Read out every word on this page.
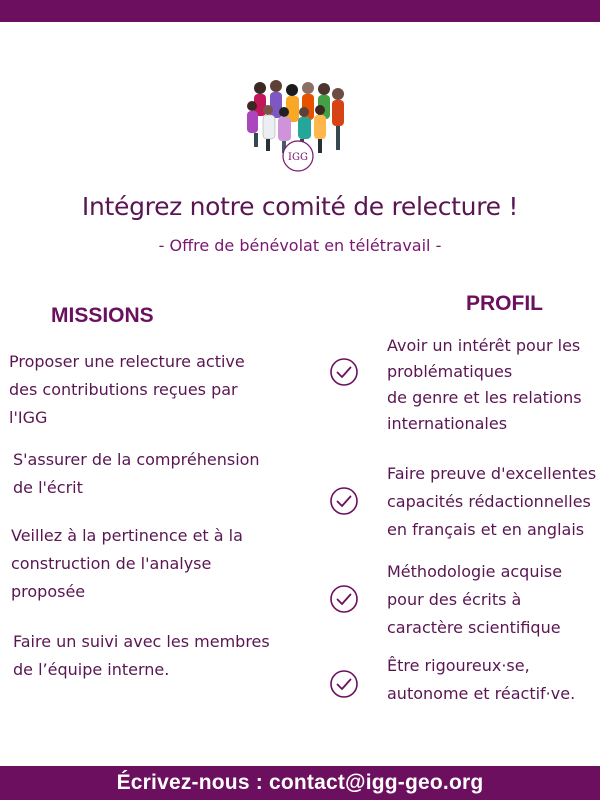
IGG
Intégrez notre comité de relecture !
- Offre de bénévolat en télétravail -
MISSIONS
PROFIL
Proposer une relecture active
des contributions reçues par
l'IGG
S'assurer de la compréhension
de l'écrit
Veillez à la pertinence et à la
construction de l'analyse
proposée
Faire un suivi avec les membres
de l’équipe interne.
Avoir un intérêt pour les
problématiques
de genre et les relations
internationales
Faire preuve d'excellentes
capacités rédactionnelles
en français et en anglais
Méthodologie acquise
pour des écrits à
caractère scientifique
Être rigoureux·se,
autonome et réactif·ve.
Écrivez-nous : contact@igg-geo.org
